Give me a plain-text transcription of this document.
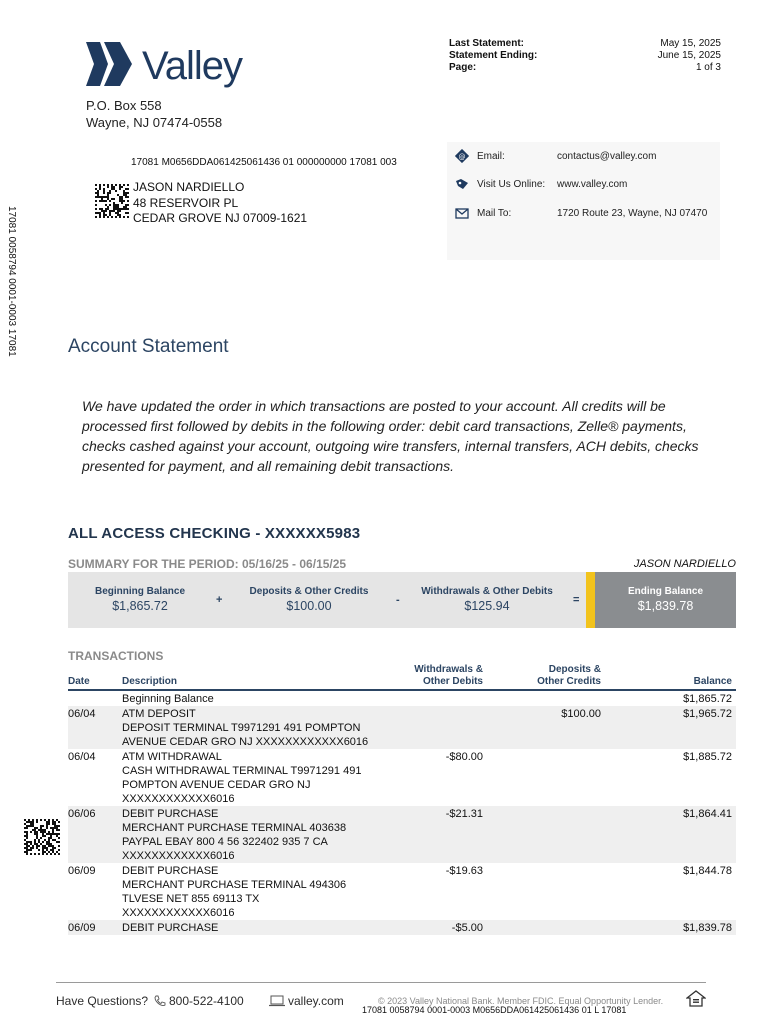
Valley
P.O. Box 558
Wayne, NJ 07474-0558
Last Statement:	May 15, 2025
Statement Ending:	June 15, 2025
Page:	1 of 3
@ Email:	contactus@valley.com
Visit Us Online:	www.valley.com
Mail To:	1720 Route 23, Wayne, NJ 07470
17081 M0656DDA061425061436 01 000000000 17081 003
JASON NARDIELLO
48 RESERVOIR PL
CEDAR GROVE NJ 07009-1621
17081 0058794 0001-0003 17081	Account Statement
We have updated the order in which transactions are posted to your account. All credits will be processed first followed by debits in the following order: debit card transactions, Zelle® payments, checks cashed against your account, outgoing wire transfers, internal transfers, ACH debits, checks presented for payment, and all remaining debit transactions.
ALL ACCESS CHECKING - XXXXXX5983
SUMMARY FOR THE PERIOD: 05/16/25 - 06/15/25	JASON NARDIELLO
Beginning Balance
$1,865.72	+
Deposits & Other Credits
$100.00	-
Withdrawals & Other Debits
$125.94	=
Ending Balance
$1,839.78
TRANSACTIONS
Date	Description
Withdrawals &
Other Debits
Deposits &
Other Credits	Balance
Beginning Balance	$1,865.72
06/04 ATM DEPOSIT
DEPOSIT TERMINAL T9971291 491 POMPTON
AVENUE CEDAR GRO NJ XXXXXXXXXXXX6016
$100.00	$1,965.72
06/04 ATM WITHDRAWAL
CASH WITHDRAWAL TERMINAL T9971291 491
POMPTON AVENUE CEDAR GRO NJ
XXXXXXXXXXXX6016
-$80.00	$1,885.72
06/06 DEBIT PURCHASE
MERCHANT PURCHASE TERMINAL 403638
PAYPAL EBAY 800 4 56 322402 935 7 CA
XXXXXXXXXXXX6016
-$21.31	$1,864.41
06/09 DEBIT PURCHASE
MERCHANT PURCHASE TERMINAL 494306
TLVESE NET 855 69113 TX
XXXXXXXXXXXX6016
-$19.63	$1,844.78
06/09 DEBIT PURCHASE	-$5.00	$1,839.78
Have Questions? 800-522-4100	valley.com	© 2023 Valley National Bank. Member FDIC. Equal Opportunity Lender.
17081 0058794 0001-0003 M0656DDA061425061436 01 L 17081
